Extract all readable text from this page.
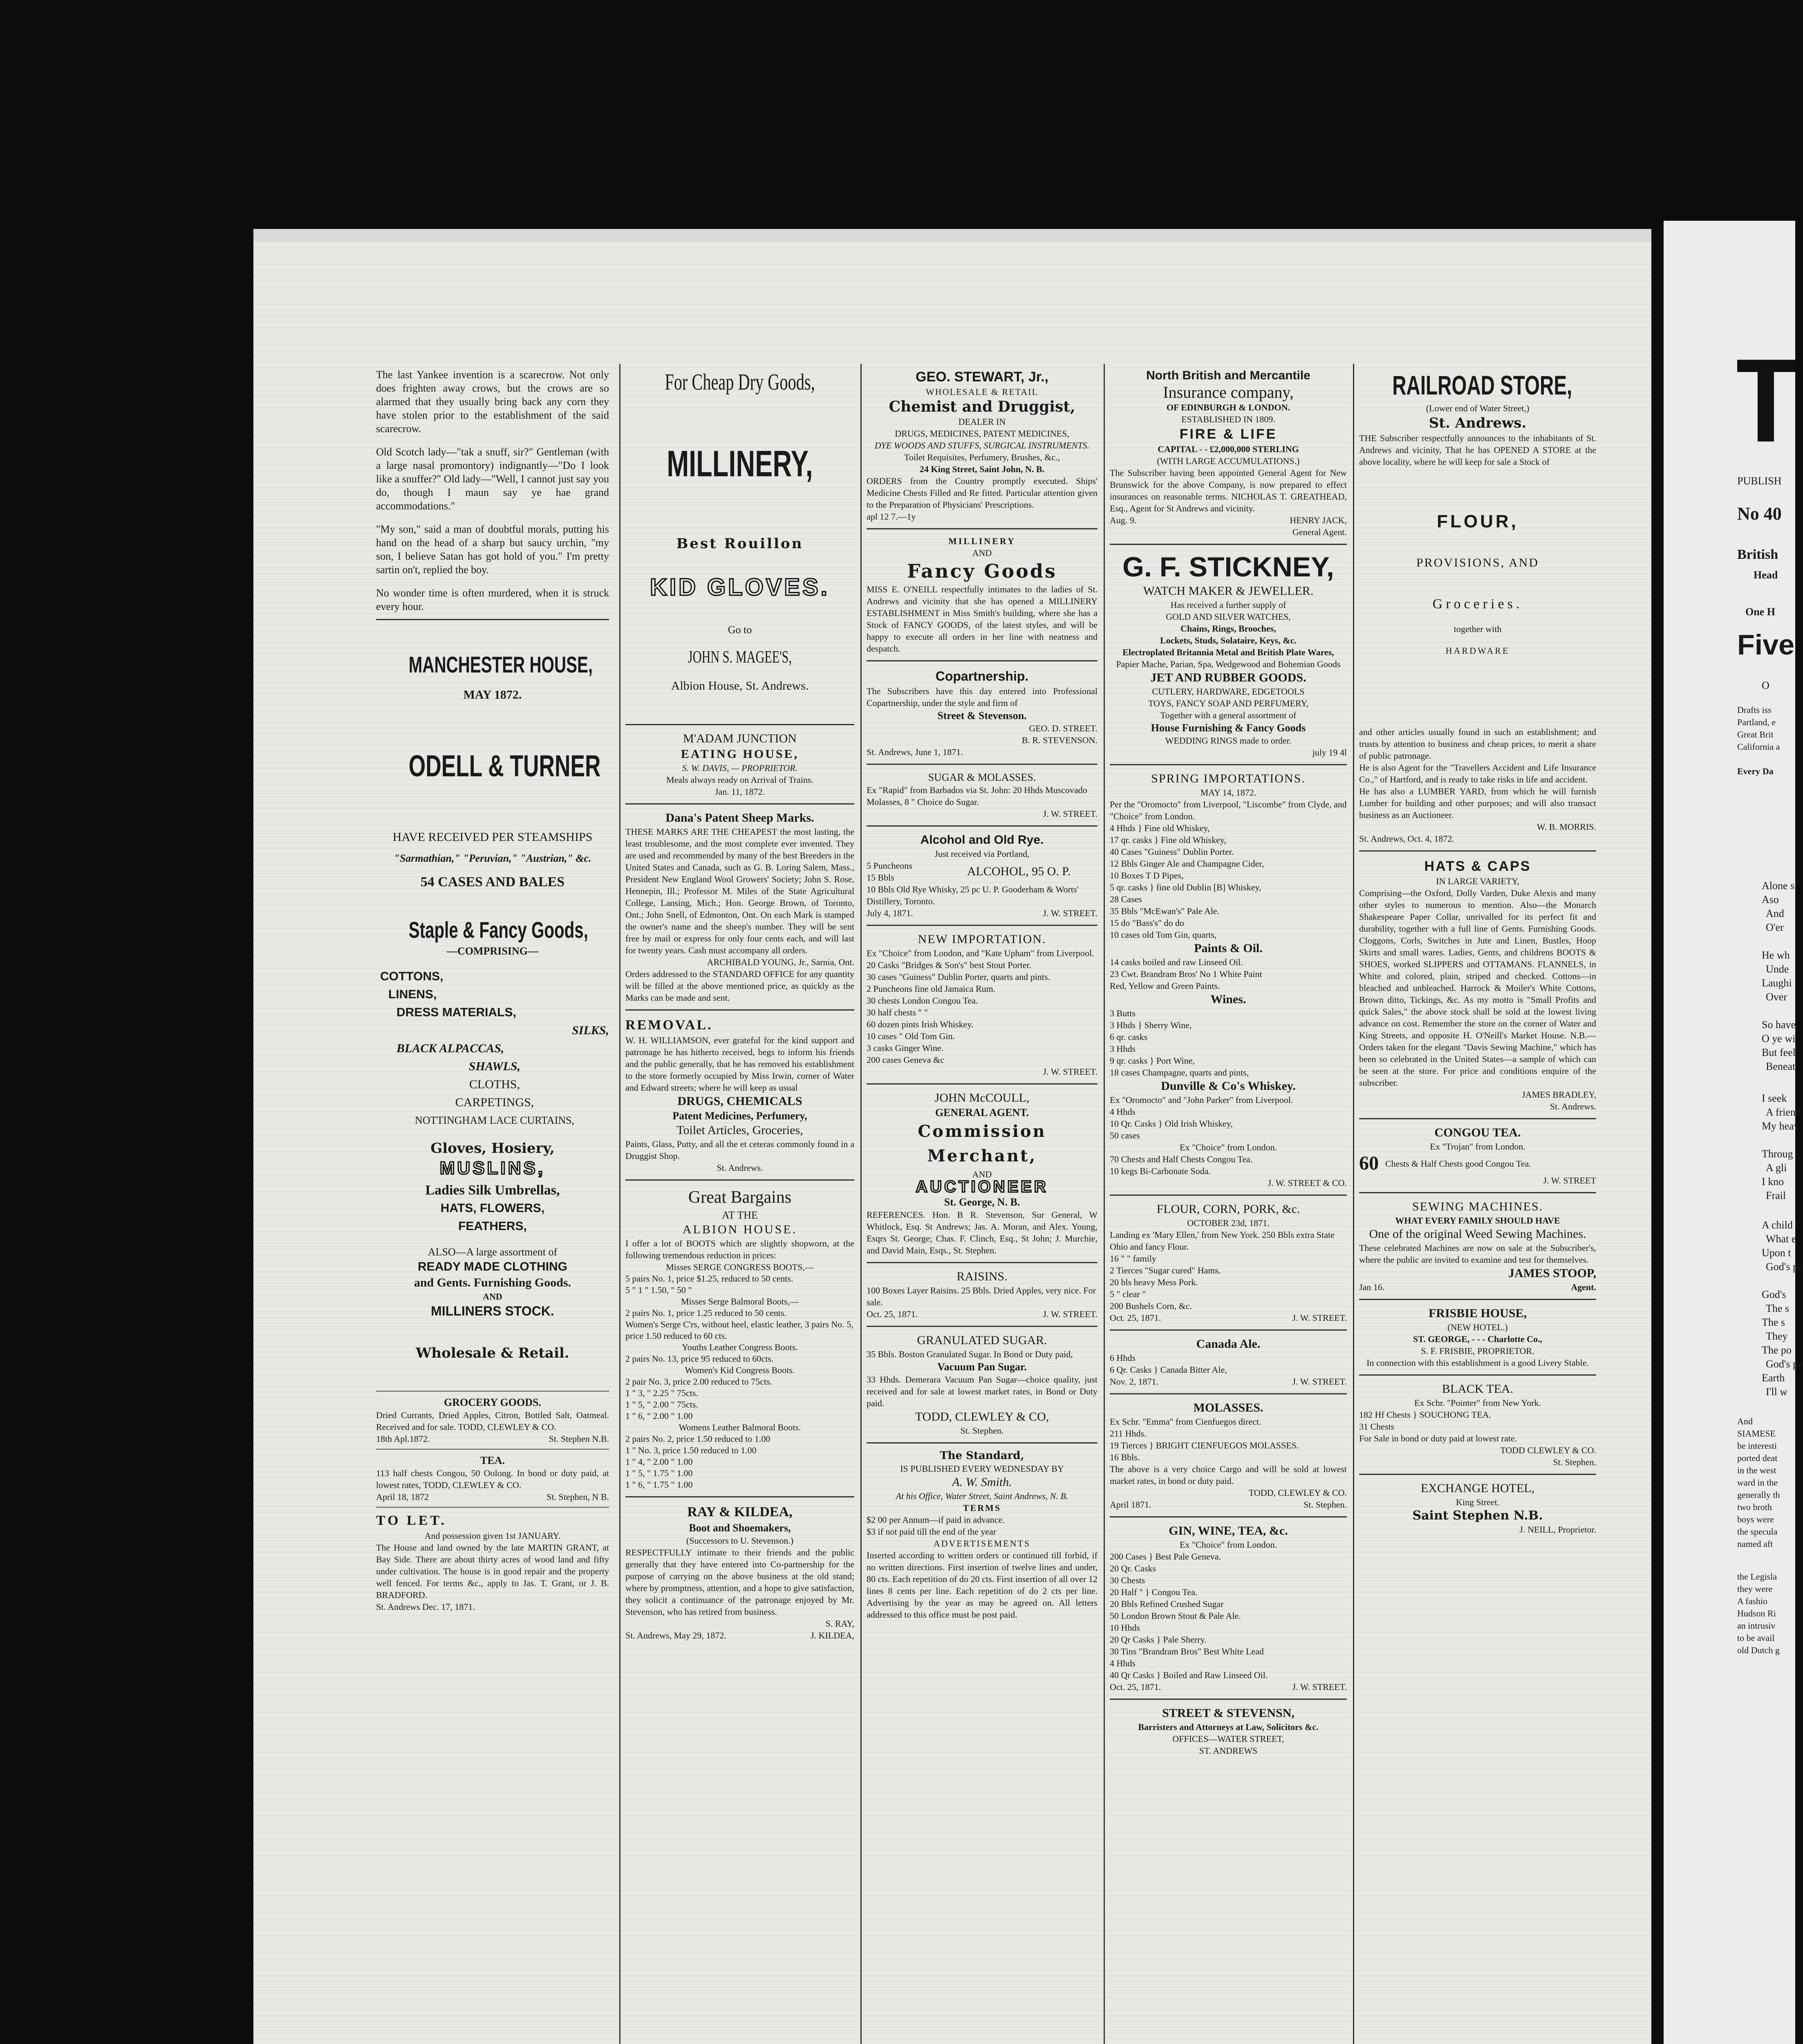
The last Yankee invention is a scarecrow. Not only does frighten away crows, but the crows are so alarmed that they usually bring back any corn they have stolen prior to the establishment of the said scarecrow.
Old Scotch lady—"tak a snuff, sir?" Gentleman (with a large nasal promontory) indignantly—"Do I look like a snuffer?" Old lady—"Well, I cannot just say you do, though I maun say ye hae grand accommodations."
"My son," said a man of doubtful morals, putting his hand on the head of a sharp but saucy urchin, "my son, I believe Satan has got hold of you." I'm pretty sartin on't, replied the boy.
No wonder time is often murdered, when it is struck every hour.
MANCHESTER HOUSE,
MAY 1872.
ODELL & TURNER
HAVE RECEIVED PER STEAMSHIPS
"Sarmathian," "Peruvian," "Austrian," &c.
54 CASES AND BALES
Staple & Fancy Goods,
—COMPRISING—
COTTONS,
LINENS,
DRESS MATERIALS,
SILKS,
BLACK ALPACCAS,
SHAWLS,
CLOTHS,
CARPETINGS,
NOTTINGHAM LACE CURTAINS,
Gloves, Hosiery,
MUSLINS,
Ladies Silk Umbrellas,
HATS, FLOWERS,
FEATHERS,
ALSO—A large assortment of
READY MADE CLOTHING
and Gents. Furnishing Goods.
AND
MILLINERS STOCK.
Wholesale & Retail.
GROCERY GOODS.
Dried Currants, Dried Apples, Citron, Bottled Salt, Oatmeal. Received and for sale. TODD, CLEWLEY & CO.
18th Apl.1872.	St. Stephen N.B.
TEA.
113 half chests Congou, 50 Oolong. In bond or duty paid, at lowest rates, TODD, CLEWLEY & CO.
April 18, 1872	St. Stephen, N B.
TO LET.
And possession given 1st JANUARY.
The House and land owned by the late MARTIN GRANT, at Bay Side. There are about thirty acres of wood land and fifty under cultivation. The house is in good repair and the property well fenced. For terms &c., apply to Jas. T. Grant, or J. B. BRADFORD.
St. Andrews Dec. 17, 1871.
For Cheap Dry Goods,
MILLINERY,
Best Rouillon
KID GLOVES.
Go to
JOHN S. MAGEE'S,
Albion House, St. Andrews.
M'ADAM JUNCTION
EATING HOUSE,
S. W. DAVIS, — PROPRIETOR.
Meals always ready on Arrival of Trains.
Jan. 11, 1872.
Dana's Patent Sheep Marks.
THESE MARKS ARE THE CHEAPEST the most lasting, the least troublesome, and the most complete ever invented. They are used and recommended by many of the best Breeders in the United States and Canada, such as G. B. Loring Salem, Mass., President New England Wool Growers' Society; John S. Rose, Hennepin, Ill.; Professor M. Miles of the State Agricultural College, Lansing, Mich.; Hon. George Brown, of Toronto, Ont.; John Snell, of Edmonton, Ont. On each Mark is stamped the owner's name and the sheep's number. They will be sent free by mail or express for only four cents each, and will last for twenty years. Cash must accompany all orders.
ARCHIBALD YOUNG, Jr., Sarnia, Ont.
Orders addressed to the STANDARD OFFICE for any quantity will be filled at the above mentioned price, as quickly as the Marks can be made and sent.
REMOVAL.
W. H. WILLIAMSON, ever grateful for the kind support and patronage he has hitherto received, begs to inform his friends and the public generally, that he has removed his establishment to the store formerly occupied by Miss Irwin, corner of Water and Edward streets; where he will keep as usual
DRUGS, CHEMICALS
Patent Medicines, Perfumery,
Toilet Articles, Groceries,
Paints, Glass, Putty, and all the et ceteras commonly found in a Druggist Shop.
St. Andrews.
Great Bargains
AT THE
ALBION HOUSE.
I offer a lot of BOOTS which are slightly shopworn, at the following tremendous reduction in prices:
Misses SERGE CONGRESS BOOTS,—
5 pairs No. 1, price $1.25, reduced to 50 cents.
5 " 1 " 1.50, " 50 "
Misses Serge Balmoral Boots,—
2 pairs No. 1, price 1.25 reduced to 50 cents.
Women's Serge C'rs, without heel, elastic leather, 3 pairs No. 5, price 1.50 reduced to 60 cts.
Youths Leather Congress Boots.
2 pairs No. 13, price 95 reduced to 60cts.
Women's Kid Congress Boots.
2 pair No. 3, price 2.00 reduced to 75cts.
1 " 3, " 2.25 " 75cts.
1 " 5, " 2.00 " 75cts.
1 " 6, " 2.00 " 1.00
Womens Leather Balmoral Boots.
2 pairs No. 2, price 1.50 reduced to 1.00
1 " No. 3, price 1.50 reduced to 1.00
1 " 4, " 2.00 " 1.00
1 " 5, " 1.75 " 1.00
1 " 6, " 1.75 " 1.00
RAY & KILDEA,
Boot and Shoemakers,
(Successors to U. Stevenson.)
RESPECTFULLY intimate to their friends and the public generally that they have entered into Co-partnership for the purpose of carrying on the above business at the old stand; where by promptness, attention, and a hope to give satisfaction, they solicit a continuance of the patronage enjoyed by Mr. Stevenson, who has retired from business.
S. RAY,
St. Andrews, May 29, 1872.	J. KILDEA,
GEO. STEWART, Jr.,
WHOLESALE & RETAIL
Chemist and Druggist,
DEALER IN
DRUGS, MEDICINES, PATENT MEDICINES,
DYE WOODS AND STUFFS, SURGICAL INSTRUMENTS.
Toilet Requisites, Perfumery, Brushes, &c.,
24 King Street, Saint John, N. B.
ORDERS from the Country promptly executed. Ships' Medicine Chests Filled and Re fitted. Particular attention given to the Preparation of Physicians' Prescriptions.
apl 12 7.—1y
MILLINERY
AND
Fancy Goods
MISS E. O'NEILL respectfully intimates to the ladies of St. Andrews and vicinity that she has opened a MILLINERY ESTABLISHMENT in Miss Smith's building, where she has a Stock of FANCY GOODS, of the latest styles, and will be happy to execute all orders in her line with neatness and despatch.
Copartnership.
The Subscribers have this day entered into Professional Copartnership, under the style and firm of
Street & Stevenson.
GEO. D. STREET.
B. R. STEVENSON.
St. Andrews, June 1, 1871.
SUGAR & MOLASSES.
Ex "Rapid" from Barbados via St. John: 20 Hhds Muscovado Molasses, 8 " Choice do Sugar.
J. W. STREET.
Alcohol and Old Rye.
Just received via Portland,
5 Puncheons
15 Bbls	ALCOHOL, 95 O. P.
10 Bbls Old Rye Whisky, 25 pc U. P. Gooderham & Worts' Distillery, Toronto.
July 4, 1871.	J. W. STREET.
NEW IMPORTATION.
Ex "Choice" from London, and "Kate Upham" from Liverpool.
20 Casks "Bridges & Son's" best Stout Porter.
30 cases "Guiness" Dublin Porter, quarts and pints.
2 Puncheons fine old Jamaica Rum.
30 chests London Congou Tea.
30 half chests " "
60 dozen pints Irish Whiskey.
10 cases " Old Tom Gin.
3 casks Ginger Wine.
200 cases Geneva &c
J. W. STREET.
JOHN McCOULL,
GENERAL AGENT.
Commission Merchant,
AND
AUCTIONEER
St. George, N. B.
REFERENCES. Hon. B R. Stevenson, Sur General, W Whitlock, Esq. St Andrews; Jas. A. Moran, and Alex. Young, Esqrs St. George; Chas. F. Clinch, Esq., St John; J. Murchie, and David Main, Esqs., St. Stephen.
RAISINS.
100 Boxes Layer Raisins. 25 Bbls. Dried Apples, very nice. For sale.
Oct. 25, 1871.	J. W. STREET.
GRANULATED SUGAR.
35 Bbls. Boston Granulated Sugar. In Bond or Duty paid,
Vacuum Pan Sugar.
33 Hhds. Demerara Vacuum Pan Sugar—choice quality, just received and for sale at lowest market rates, in Bond or Duty paid.
TODD, CLEWLEY & CO,
St. Stephen.
The Standard,
IS PUBLISHED EVERY WEDNESDAY BY
A. W. Smith.
At his Office, Water Street, Saint Andrews, N. B.
TERMS
$2 00 per Annum—if paid in advance.
$3 if not paid till the end of the year
ADVERTISEMENTS
Inserted according to written orders or continued till forbid, if no written directions. First insertion of twelve lines and under, 80 cts. Each repetition of do 20 cts. First insertion of all over 12 lines 8 cents per line. Each repetition of do 2 cts per line. Advertising by the year as may be agreed on. All letters addressed to this office must be post paid.
North British and Mercantile
Insurance company,
OF EDINBURGH & LONDON.
ESTABLISHED IN 1809.
FIRE & LIFE
CAPITAL - - £2,000,000 STERLING
(WITH LARGE ACCUMULATIONS.)
The Subscriber having been appointed General Agent for New Brunswick for the above Company, is now prepared to effect insurances on reasonable terms. NICHOLAS T. GREATHEAD, Esq., Agent for St Andrews and vicinity.
Aug. 9.	HENRY JACK,
General Agent.
G. F. STICKNEY,
WATCH MAKER & JEWELLER.
Has received a further supply of
GOLD AND SILVER WATCHES,
Chains, Rings, Brooches,
Lockets, Studs, Solataire, Keys, &c.
Electroplated Britannia Metal and British Plate Wares,
Papier Mache, Parian, Spa, Wedgewood and Bohemian Goods
JET AND RUBBER GOODS.
CUTLERY, HARDWARE, EDGETOOLS
TOYS, FANCY SOAP AND PERFUMERY,
Together with a general assortment of
House Furnishing & Fancy Goods
WEDDING RINGS made to order.
july 19 4l
SPRING IMPORTATIONS.
MAY 14, 1872.
Per the "Oromocto" from Liverpool, "Liscombe" from Clyde, and "Choice" from London.
4 Hhds } Fine old Whiskey,
17 qr. casks } Fine old Whiskey,
40 Cases "Guiness" Dublin Porter.
12 Bbls Ginger Ale and Champagne Cider,
10 Boxes T D Pipes,
5 qr. casks } fine old Dublin [B] Whiskey,
28 Cases
35 Bbls "McEwan's" Pale Ale.
15 do "Bass's" do do
10 cases old Tom Gin, quarts,
Paints & Oil.
14 casks boiled and raw Linseed Oil.
23 Cwt. Brandram Bros' No 1 White Paint
Red, Yellow and Green Paints.
Wines.
3 Butts
3 Hhds } Sherry Wine,
6 qr. casks
3 Hhds
9 qr. casks } Port Wine,
18 cases Champagne, quarts and pints,
Dunville & Co's Whiskey.
Ex "Oromocto" and "John Parker" from Liverpool.
4 Hhds
10 Qr. Casks } Old Irish Whiskey,
50 cases
Ex "Choice" from London.
70 Chests and Half Chests Congou Tea.
10 kegs Bi-Carbonate Soda.
J. W. STREET & CO.
FLOUR, CORN, PORK, &c.
OCTOBER 23d, 1871.
Landing ex 'Mary Ellen,' from New York. 250 Bbls extra State Ohio and fancy Flour.
16 " " family
2 Tierces "Sugar cured" Hams.
20 bls heavy Mess Pork.
5 " clear "
200 Bushels Corn, &c.
Oct. 25, 1871.	J. W. STREET.
Canada Ale.
6 Hhds
6 Qr. Casks } Canada Bitter Ale,
Nov. 2, 1871.	J. W. STREET.
MOLASSES.
Ex Schr. "Emma" from Cienfuegos direct.
211 Hhds.
19 Tierces } BRIGHT CIENFUEGOS MOLASSES.
16 Bbls.
The above is a very choice Cargo and will be sold at lowest market rates, in bond or duty paid.
TODD, CLEWLEY & CO.
April 1871.	St. Stephen.
GIN, WINE, TEA, &c.
Ex "Choice" from London.
200 Cases } Best Pale Geneva.
20 Qr. Casks
30 Chests
20 Half " } Congou Tea.
20 Bbls Refined Crushed Sugar
50 London Brown Stout & Pale Ale.
10 Hhds
20 Qr Casks } Pale Sherry.
30 Tins "Brandram Bros" Best White Lead
4 Hhds
40 Qr Casks } Boiled and Raw Linseed Oil.
Oct. 25, 1871.	J. W. STREET.
STREET & STEVENSN,
Barristers and Attorneys at Law, Solicitors &c.
OFFICES—WATER STREET,
ST. ANDREWS
RAILROAD STORE,
(Lower end of Water Street,)
St. Andrews.
THE Subscriber respectfully announces to the inhabitants of St. Andrews and vicinity, That he has OPENED A STORE at the above locality, where he will keep for sale a Stock of
FLOUR,
PROVISIONS, AND
Groceries.
together with
HARDWARE
and other articles usually found in such an establishment; and trusts by attention to business and cheap prices, to merit a share of public patronage.
He is also Agent for the "Travellers Accident and Life Insurance Co.," of Hartford, and is ready to take risks in life and accident.
He has also a LUMBER YARD, from which he will furnish Lumber for building and other purposes; and will also transact business as an Auctioneer.
W. B. MORRIS.
St. Andrews, Oct. 4, 1872.
HATS & CAPS
IN LARGE VARIETY,
Comprising—the Oxford, Dolly Varden, Duke Alexis and many other styles to numerous to mention. Also—the Monarch Shakespeare Paper Collar, unrivalled for its perfect fit and durability, together with a full line of Gents. Furnishing Goods. Cloggons, Corls, Switches in Jute and Linen, Bustles, Hoop Skirts and small wares. Ladies, Gents, and childrens BOOTS & SHOES, worked SLIPPERS and OTTAMANS. FLANNELS, in White and colored, plain, striped and checked. Cottons—in bleached and unbleached. Harrock & Moiler's White Cottons, Brown ditto, Tickings, &c. As my motto is "Small Profits and quick Sales," the above stock shall be sold at the lowest living advance on cost. Remember the store on the corner of Water and King Streets, and opposite H. O'Neill's Market House. N.B.—Orders taken for the elegant "Davis Sewing Machine," which has been so celebrated in the United States—a sample of which can be seen at the store. For price and conditions enquire of the subscriber.
JAMES BRADLEY,
St. Andrews.
CONGOU TEA.
Ex "Trojan" from London.
60 Chests & Half Chests good Congou Tea.
J. W. STREET
SEWING MACHINES.
WHAT EVERY FAMILY SHOULD HAVE
One of the original Weed Sewing Machines.
These celebrated Machines are now on sale at the Subscriber's, where the public are invited to examine and test for themselves.
JAMES STOOP,
Jan 16.	Agent.
FRISBIE HOUSE,
(NEW HOTEL.)
ST. GEORGE, - - - Charlotte Co.,
S. F. FRISBIE, PROPRIETOR.
In connection with this establishment is a good Livery Stable.
BLACK TEA.
Ex Schr. "Pointer" from New York.
182 Hf Chests } SOUCHONG TEA.
31 Chests
For Sale in bond or duty paid at lowest rate.
TODD CLEWLEY & CO.
St. Stephen.
EXCHANGE HOTEL,
King Street.
Saint Stephen N.B.
J. NEILL, Proprietor.
PUBLISH
No 40
British
Head
One H
Five
O
Drafts iss
Partland, e
Great Brit
California a
Every Da
Alone s
Aso
And
O'er
He wh
Unde
Laughi
Over
So have
O ye wi
But feel
Beneat
I seek
A friend
My heav
Throug
A gli
I kno
Frail
A child
What e
Upon t
God's pe
God's
The s
The s
They
The po
God's pe
Earth
I'll w
And
SIAMESE
be interesti
ported deat
in the west
ward in the
generally th
two broth
boys were
the specula
named aft
the Legisla
they were
A fashio
Hudson Ri
an intrusiv
to be avail
old Dutch g
